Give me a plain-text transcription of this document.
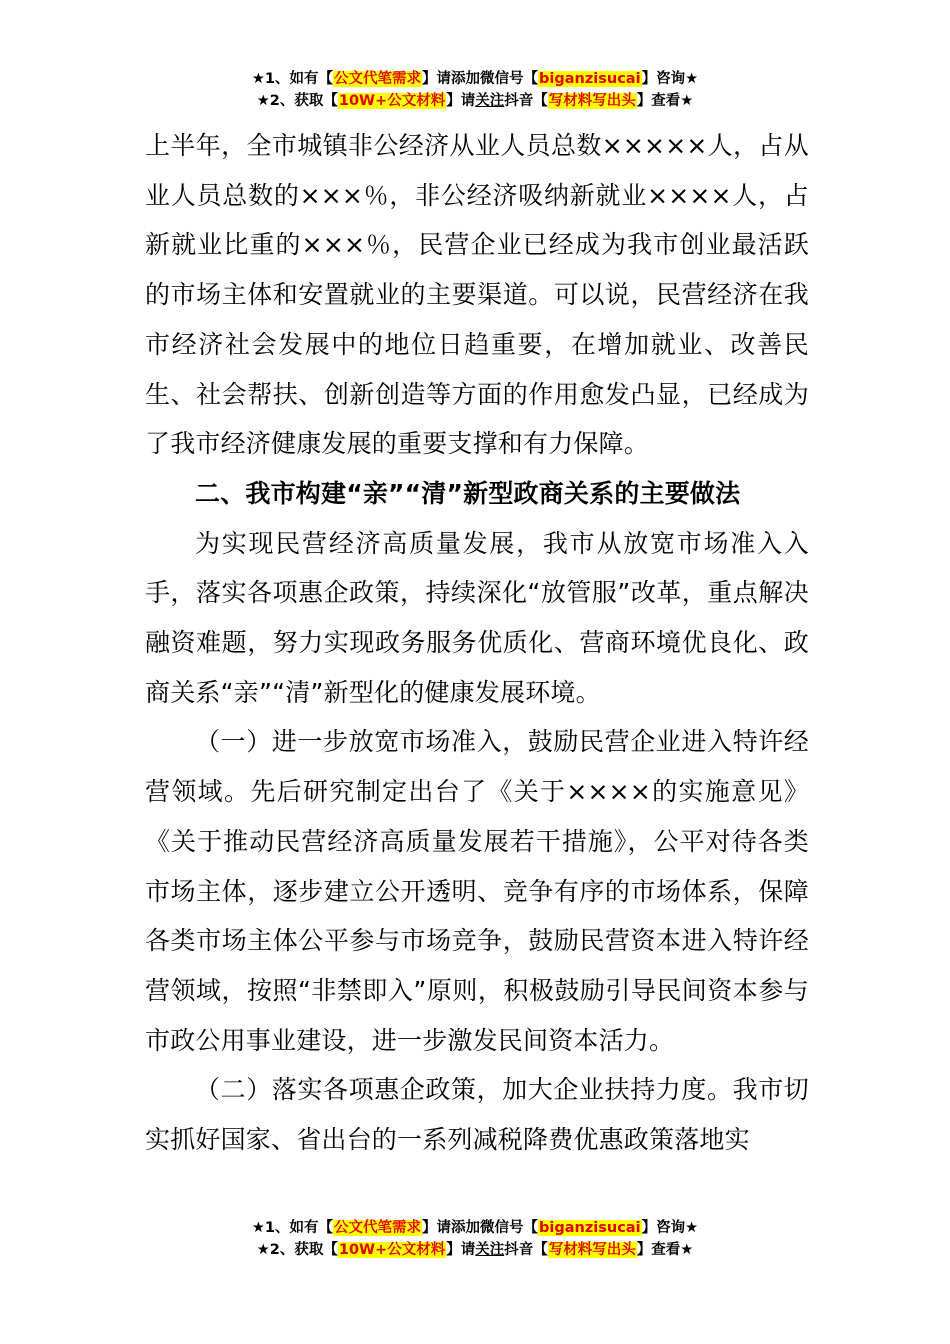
★1、如有【公文代笔需求】请添加微信号【biganzisucai】咨询★
★2、获取【10W+公文材料】请关注抖音【写材料写出头】查看★

上半年，全市城镇非公经济从业人员总数×××××人，占从业人员总数的×××％，非公经济吸纳新就业××××人，占新就业比重的×××％，民营企业已经成为我市创业最活跃的市场主体和安置就业的主要渠道。可以说，民营经济在我市经济社会发展中的地位日趋重要，在增加就业、改善民生、社会帮扶、创新创造等方面的作用愈发凸显，已经成为了我市经济健康发展的重要支撑和有力保障。

二、我市构建“亲”“清”新型政商关系的主要做法

为实现民营经济高质量发展，我市从放宽市场准入入手，落实各项惠企政策，持续深化“放管服”改革，重点解决融资难题，努力实现政务服务优质化、营商环境优良化、政商关系“亲”“清”新型化的健康发展环境。

（一）进一步放宽市场准入，鼓励民营企业进入特许经营领域。先后研究制定出台了《关于××××的实施意见》《关于推动民营经济高质量发展若干措施》，公平对待各类市场主体，逐步建立公开透明、竞争有序的市场体系，保障各类市场主体公平参与市场竞争，鼓励民营资本进入特许经营领域，按照“非禁即入”原则，积极鼓励引导民间资本参与市政公用事业建设，进一步激发民间资本活力。

（二）落实各项惠企政策，加大企业扶持力度。我市切实抓好国家、省出台的一系列减税降费优惠政策落地实

★1、如有【公文代笔需求】请添加微信号【biganzisucai】咨询★
★2、获取【10W+公文材料】请关注抖音【写材料写出头】查看★
